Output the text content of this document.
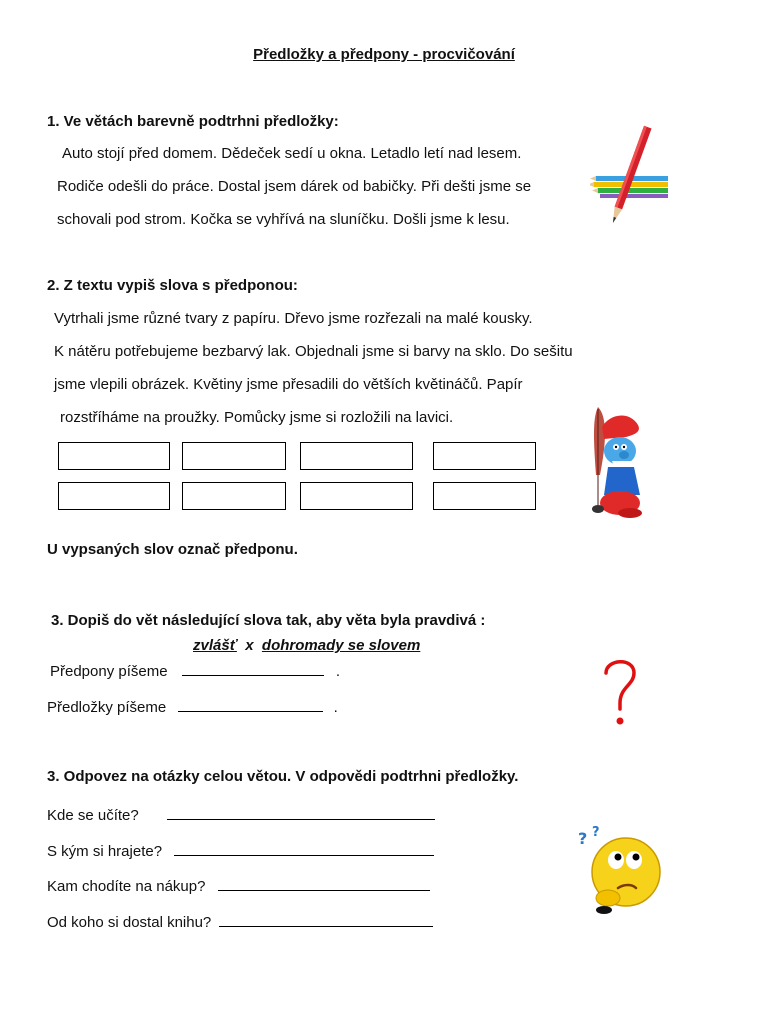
Předložky a předpony - procvičování
1. Ve větách barevně podtrhni předložky:
Auto stojí před domem. Dědeček sedí u okna. Letadlo letí nad lesem.
Rodiče odešli do práce. Dostal jsem dárek od babičky. Při dešti jsme se
schovali pod strom. Kočka se vyhřívá na sluníčku. Došli jsme k lesu.
2. Z textu vypiš slova s předponou:
Vytrhali jsme různé tvary z papíru. Dřevo jsme rozřezali na malé kousky.
K nátěru potřebujeme bezbarvý lak. Objednali jsme si barvy na sklo. Do sešitu
jsme vlepili obrázek. Květiny jsme přesadili do větších květináčů. Papír
rozstříháme na proužky. Pomůcky jsme si rozložili na lavici.
U vypsaných slov označ předponu.
3. Dopiš do vět následující slova tak, aby věta byla pravdivá :
zvlášť x dohromady se slovem
Předpony píšeme	.
Předložky píšeme	.
3. Odpovez na otázky celou větou. V odpovědi podtrhni předložky.
Kde se učíte?
S kým si hrajete?
Kam chodíte na nákup?
Od koho si dostal knihu?
? ?
